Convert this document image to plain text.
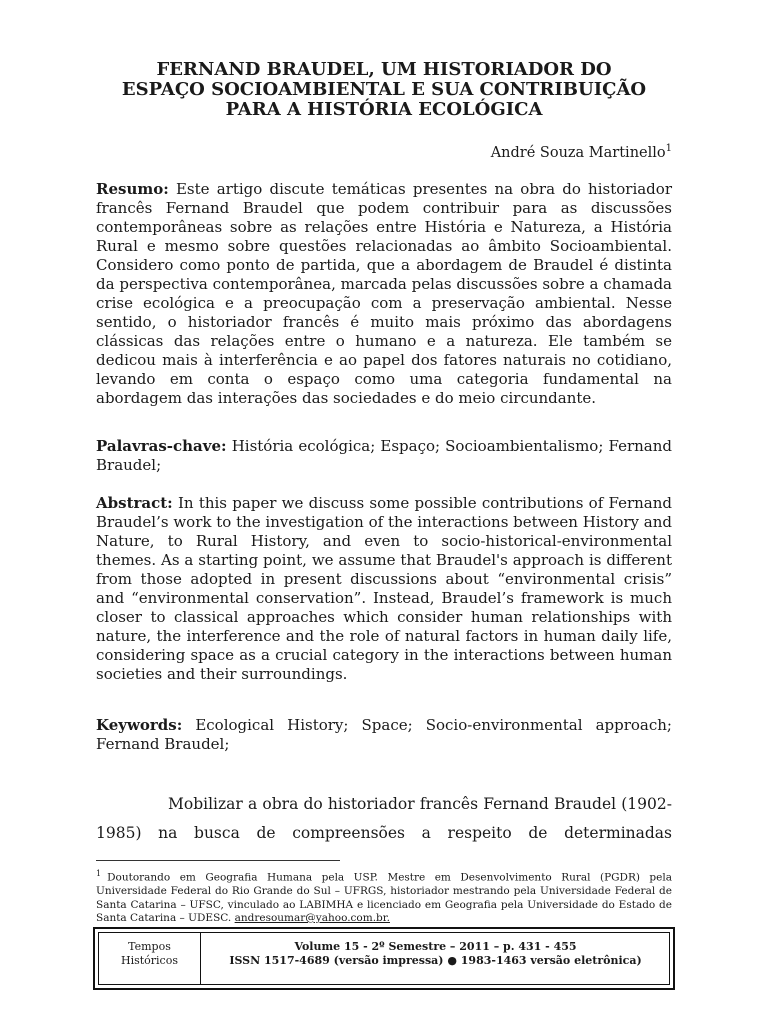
FERNAND BRAUDEL, UM HISTORIADOR DO
ESPAÇO SOCIOAMBIENTAL E SUA CONTRIBUIÇÃO
PARA A HISTÓRIA ECOLÓGICA
André Souza Martinello$^1$
Resumo: Este artigo discute temáticas presentes na obra do historiador francês Fernand Braudel que podem contribuir para as discussões contemporâneas sobre as relações entre História e Natureza, a História Rural e mesmo sobre questões relacionadas ao âmbito Socioambiental. Considero como ponto de partida, que a abordagem de Braudel é distinta da perspectiva contemporânea, marcada pelas discussões sobre a chamada crise ecológica e a preocupação com a preservação ambiental. Nesse sentido, o historiador francês é muito mais próximo das abordagens clássicas das relações entre o humano e a natureza. Ele também se dedicou mais à interferência e ao papel dos fatores naturais no cotidiano, levando em conta o espaço como uma categoria fundamental na abordagem das interações das sociedades e do meio circundante.
Palavras-chave: História ecológica; Espaço; Socioambientalismo; Fernand Braudel;
Abstract: In this paper we discuss some possible contributions of Fernand Braudel’s work to the investigation of the interactions between History and Nature, to Rural History, and even to socio-historical-environmental themes. As a starting point, we assume that Braudel's approach is different from those adopted in present discussions about “environmental crisis” and “environmental conservation”. Instead, Braudel’s framework is much closer to classical approaches which consider human relationships with nature, the interference and the role of natural factors in human daily life, considering space as a crucial category in the interactions between human societies and their surroundings.
Keywords: Ecological History; Space; Socio-environmental approach; Fernand Braudel;
Mobilizar a obra do historiador francês Fernand Braudel (1902-1985) na busca de compreensões a respeito de determinadas
$^1$ Doutorando em Geografia Humana pela USP. Mestre em Desenvolvimento Rural (PGDR) pela Universidade Federal do Rio Grande do Sul – UFRGS, historiador mestrando pela Universidade Federal de Santa Catarina – UFSC, vinculado ao LABIMHA e licenciado em Geografia pela Universidade do Estado de Santa Catarina – UDESC. andresoumar@yahoo.com.br.
Tempos
Históricos
Volume 15 - 2º Semestre – 2011 – p. 431 - 455
ISSN 1517-4689 (versão impressa) ● 1983-1463 versão eletrônica)
